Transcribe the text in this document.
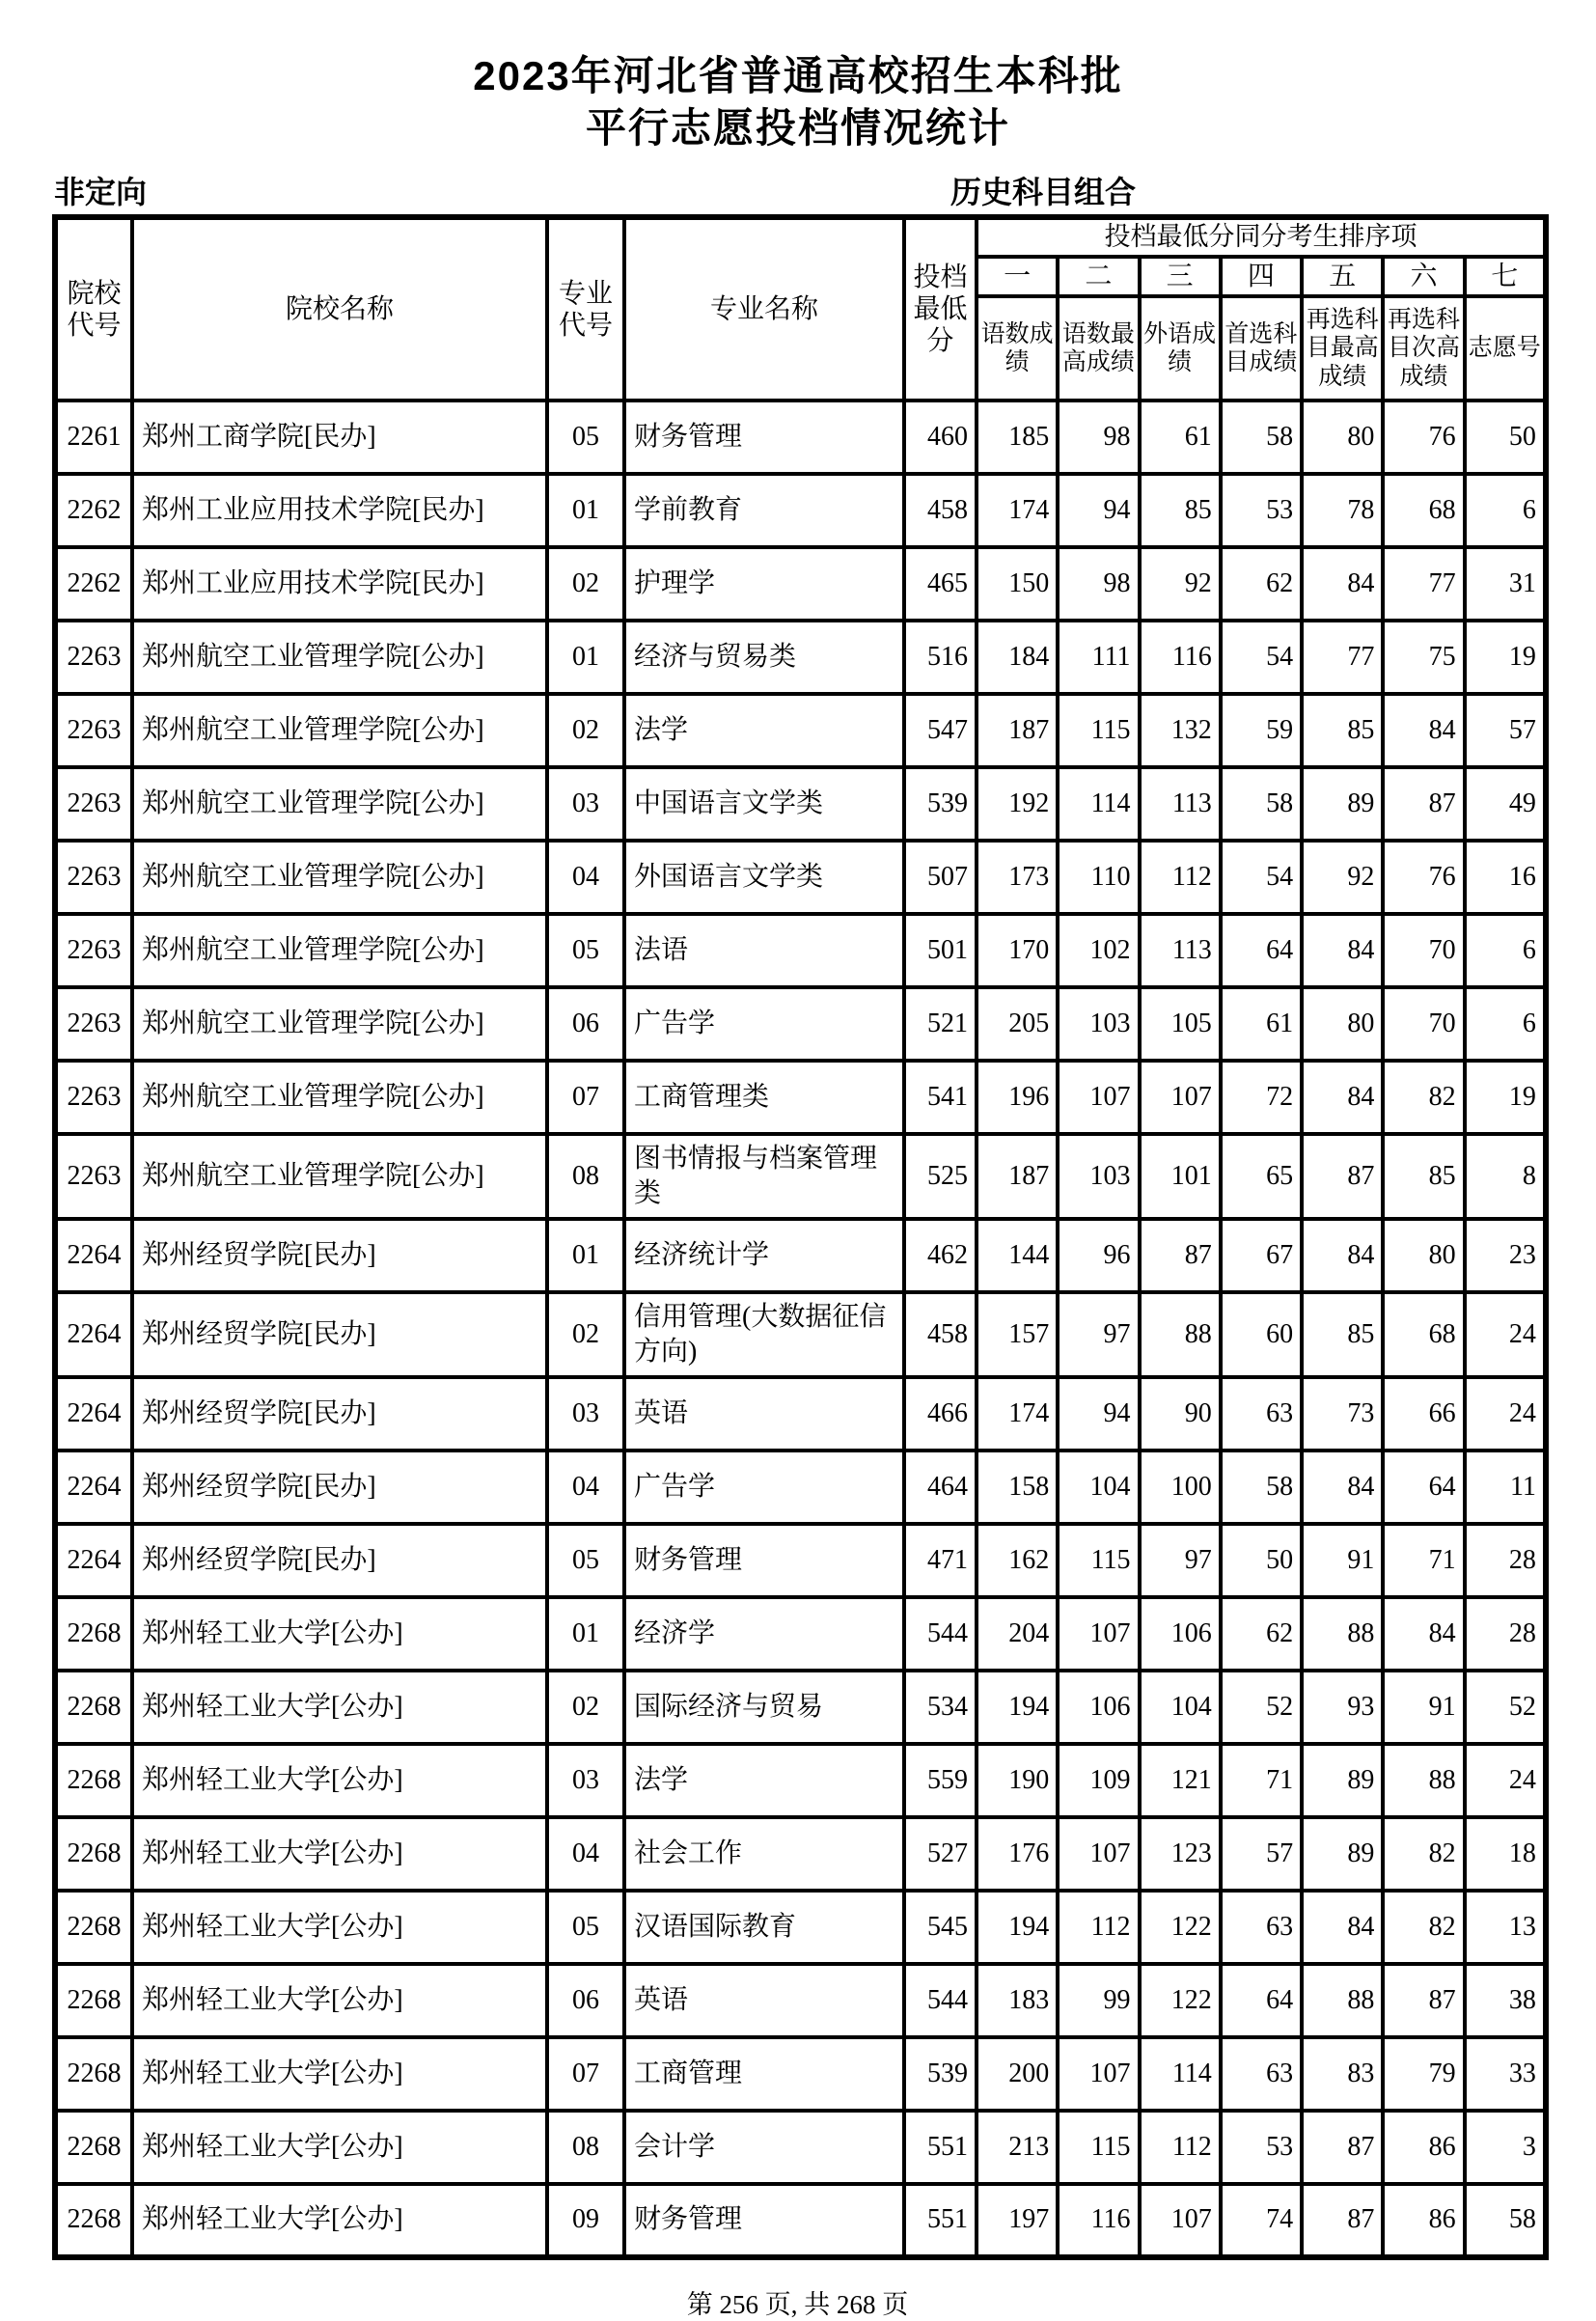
2023年河北省普通高校招生本科批
平行志愿投档情况统计
非定向	历史科目组合
院校代号	院校名称	专业代号	专业名称	投档最低分	投档最低分同分考生排序项						
					一	二	三	四	五	六	七
					语数成绩	语数最高成绩	外语成绩	首选科目成绩	再选科目最高成绩	再选科目次高成绩	志愿号
2261	郑州工商学院[民办]	05	财务管理	460	185	98	61	58	80	76	50
2262	郑州工业应用技术学院[民办]	01	学前教育	458	174	94	85	53	78	68	6
2262	郑州工业应用技术学院[民办]	02	护理学	465	150	98	92	62	84	77	31
2263	郑州航空工业管理学院[公办]	01	经济与贸易类	516	184	111	116	54	77	75	19
2263	郑州航空工业管理学院[公办]	02	法学	547	187	115	132	59	85	84	57
2263	郑州航空工业管理学院[公办]	03	中国语言文学类	539	192	114	113	58	89	87	49
2263	郑州航空工业管理学院[公办]	04	外国语言文学类	507	173	110	112	54	92	76	16
2263	郑州航空工业管理学院[公办]	05	法语	501	170	102	113	64	84	70	6
2263	郑州航空工业管理学院[公办]	06	广告学	521	205	103	105	61	80	70	6
2263	郑州航空工业管理学院[公办]	07	工商管理类	541	196	107	107	72	84	82	19
2263	郑州航空工业管理学院[公办]	08	图书情报与档案管理类	525	187	103	101	65	87	85	8
2264	郑州经贸学院[民办]	01	经济统计学	462	144	96	87	67	84	80	23
2264	郑州经贸学院[民办]	02	信用管理(大数据征信方向)	458	157	97	88	60	85	68	24
2264	郑州经贸学院[民办]	03	英语	466	174	94	90	63	73	66	24
2264	郑州经贸学院[民办]	04	广告学	464	158	104	100	58	84	64	11
2264	郑州经贸学院[民办]	05	财务管理	471	162	115	97	50	91	71	28
2268	郑州轻工业大学[公办]	01	经济学	544	204	107	106	62	88	84	28
2268	郑州轻工业大学[公办]	02	国际经济与贸易	534	194	106	104	52	93	91	52
2268	郑州轻工业大学[公办]	03	法学	559	190	109	121	71	89	88	24
2268	郑州轻工业大学[公办]	04	社会工作	527	176	107	123	57	89	82	18
2268	郑州轻工业大学[公办]	05	汉语国际教育	545	194	112	122	63	84	82	13
2268	郑州轻工业大学[公办]	06	英语	544	183	99	122	64	88	87	38
2268	郑州轻工业大学[公办]	07	工商管理	539	200	107	114	63	83	79	33
2268	郑州轻工业大学[公办]	08	会计学	551	213	115	112	53	87	86	3
2268	郑州轻工业大学[公办]	09	财务管理	551	197	116	107	74	87	86	58
第 256 页, 共 268 页
